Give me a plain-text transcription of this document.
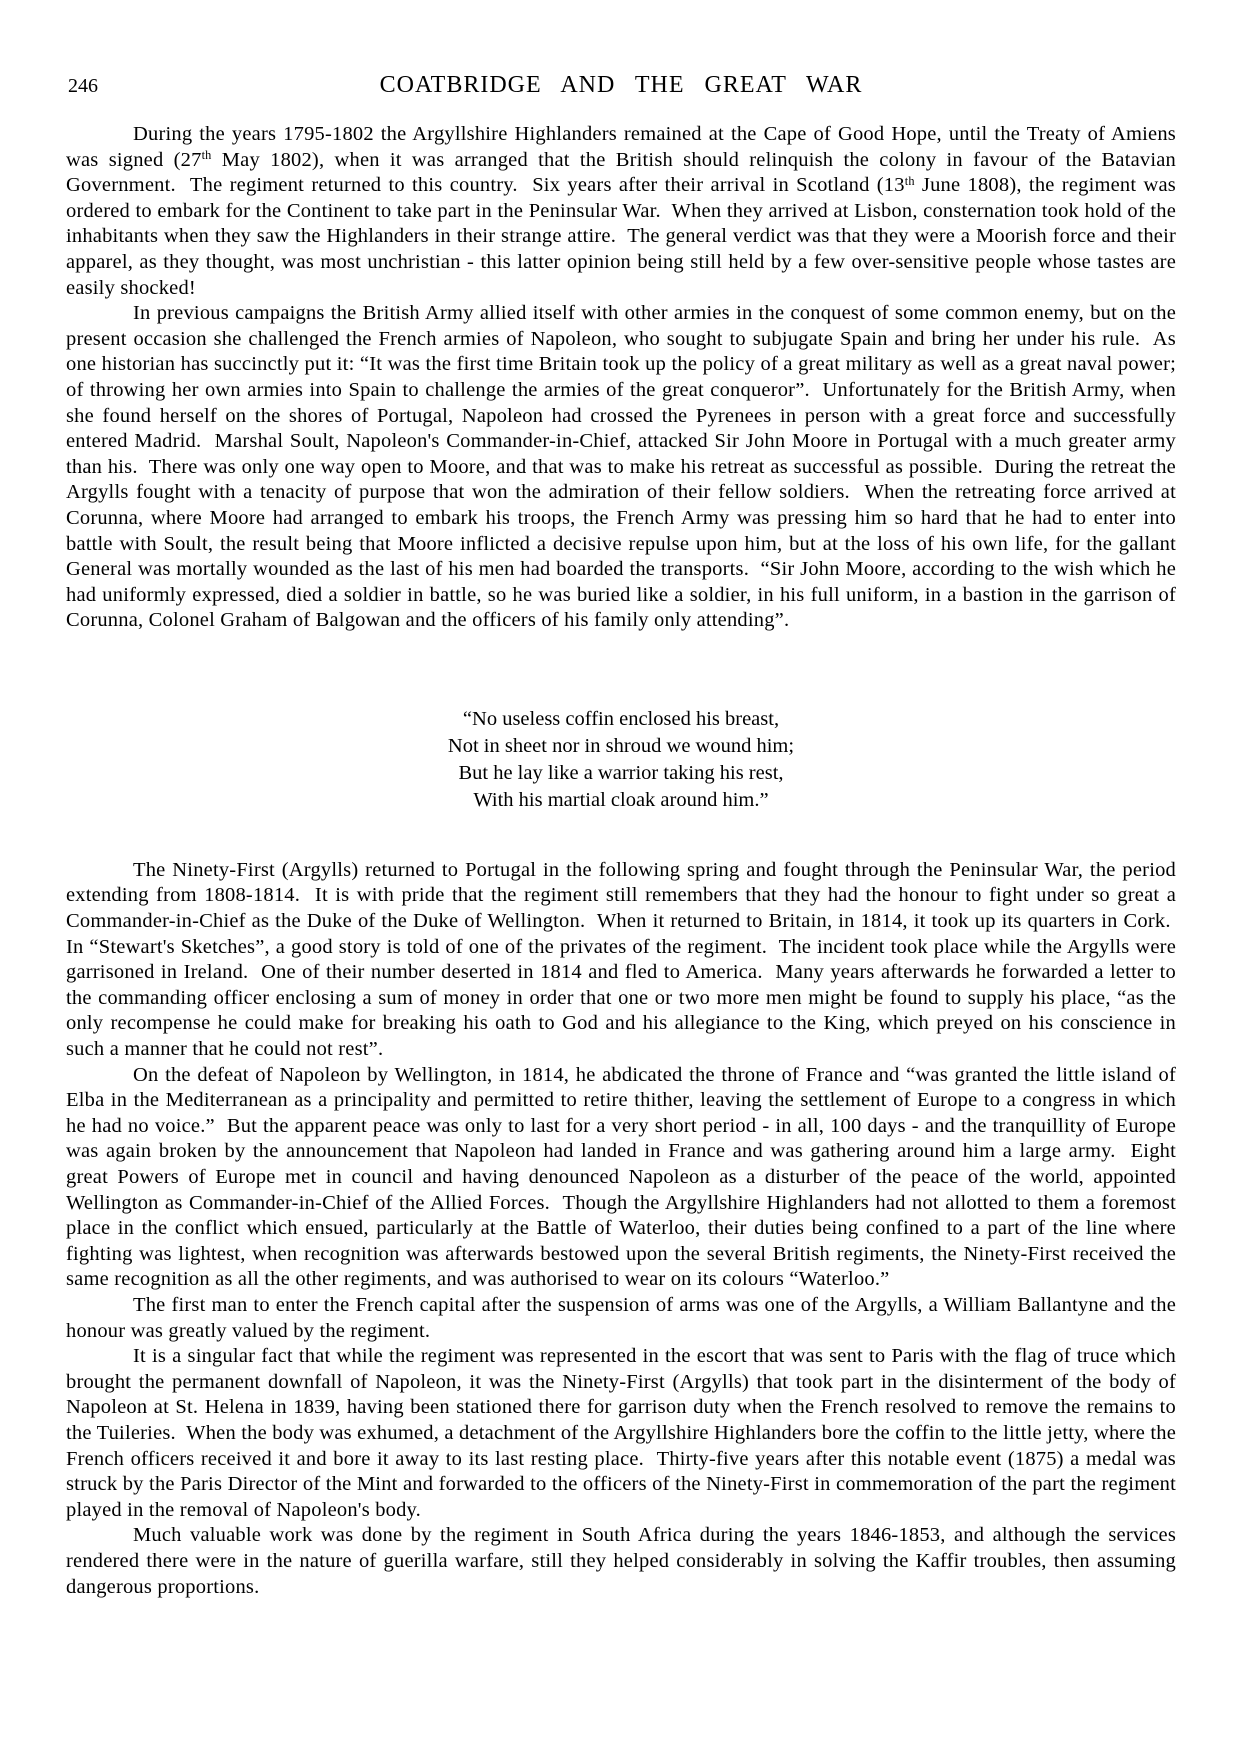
246	COATBRIDGE AND THE GREAT WAR

During the years 1795-1802 the Argyllshire Highlanders remained at the Cape of Good Hope, until the Treaty of Amiens was signed (27th May 1802), when it was arranged that the British should relinquish the colony in favour of the Batavian Government.  The regiment returned to this country.  Six years after their arrival in Scotland (13th June 1808), the regiment was ordered to embark for the Continent to take part in the Peninsular War.  When they arrived at Lisbon, consternation took hold of the inhabitants when they saw the Highlanders in their strange attire.  The general verdict was that they were a Moorish force and their apparel, as they thought, was most unchristian - this latter opinion being still held by a few over-sensitive people whose tastes are easily shocked!

In previous campaigns the British Army allied itself with other armies in the conquest of some common enemy, but on the present occasion she challenged the French armies of Napoleon, who sought to subjugate Spain and bring her under his rule.  As one historian has succinctly put it: “It was the first time Britain took up the policy of a great military as well as a great naval power; of throwing her own armies into Spain to challenge the armies of the great conqueror”.  Unfortunately for the British Army, when she found herself on the shores of Portugal, Napoleon had crossed the Pyrenees in person with a great force and successfully entered Madrid.  Marshal Soult, Napoleon's Commander-in-Chief, attacked Sir John Moore in Portugal with a much greater army than his.  There was only one way open to Moore, and that was to make his retreat as successful as possible.  During the retreat the Argylls fought with a tenacity of purpose that won the admiration of their fellow soldiers.  When the retreating force arrived at Corunna, where Moore had arranged to embark his troops, the French Army was pressing him so hard that he had to enter into battle with Soult, the result being that Moore inflicted a decisive repulse upon him, but at the loss of his own life, for the gallant General was mortally wounded as the last of his men had boarded the transports.  “Sir John Moore, according to the wish which he had uniformly expressed, died a soldier in battle, so he was buried like a soldier, in his full uniform, in a bastion in the garrison of Corunna, Colonel Graham of Balgowan and the officers of his family only attending”.

“No useless coffin enclosed his breast,
Not in sheet nor in shroud we wound him;
But he lay like a warrior taking his rest,
With his martial cloak around him.”

The Ninety-First (Argylls) returned to Portugal in the following spring and fought through the Peninsular War, the period extending from 1808-1814.  It is with pride that the regiment still remembers that they had the honour to fight under so great a Commander-in-Chief as the Duke of the Duke of Wellington.  When it returned to Britain, in 1814, it took up its quarters in Cork.  In “Stewart's Sketches”, a good story is told of one of the privates of the regiment.  The incident took place while the Argylls were garrisoned in Ireland.  One of their number deserted in 1814 and fled to America.  Many years afterwards he forwarded a letter to the commanding officer enclosing a sum of money in order that one or two more men might be found to supply his place, “as the only recompense he could make for breaking his oath to God and his allegiance to the King, which preyed on his conscience in such a manner that he could not rest”.

On the defeat of Napoleon by Wellington, in 1814, he abdicated the throne of France and “was granted the little island of Elba in the Mediterranean as a principality and permitted to retire thither, leaving the settlement of Europe to a congress in which he had no voice.”  But the apparent peace was only to last for a very short period - in all, 100 days - and the tranquillity of Europe was again broken by the announcement that Napoleon had landed in France and was gathering around him a large army.  Eight great Powers of Europe met in council and having denounced Napoleon as a disturber of the peace of the world, appointed Wellington as Commander-in-Chief of the Allied Forces.  Though the Argyllshire Highlanders had not allotted to them a foremost place in the conflict which ensued, particularly at the Battle of Waterloo, their duties being confined to a part of the line where fighting was lightest, when recognition was afterwards bestowed upon the several British regiments, the Ninety-First received the same recognition as all the other regiments, and was authorised to wear on its colours “Waterloo.”

The first man to enter the French capital after the suspension of arms was one of the Argylls, a William Ballantyne and the honour was greatly valued by the regiment.

It is a singular fact that while the regiment was represented in the escort that was sent to Paris with the flag of truce which brought the permanent downfall of Napoleon, it was the Ninety-First (Argylls) that took part in the disinterment of the body of Napoleon at St. Helena in 1839, having been stationed there for garrison duty when the French resolved to remove the remains to the Tuileries.  When the body was exhumed, a detachment of the Argyllshire Highlanders bore the coffin to the little jetty, where the French officers received it and bore it away to its last resting place.  Thirty-five years after this notable event (1875) a medal was struck by the Paris Director of the Mint and forwarded to the officers of the Ninety-First in commemoration of the part the regiment played in the removal of Napoleon's body.

Much valuable work was done by the regiment in South Africa during the years 1846-1853, and although the services rendered there were in the nature of guerilla warfare, still they helped considerably in solving the Kaffir troubles, then assuming dangerous proportions.
